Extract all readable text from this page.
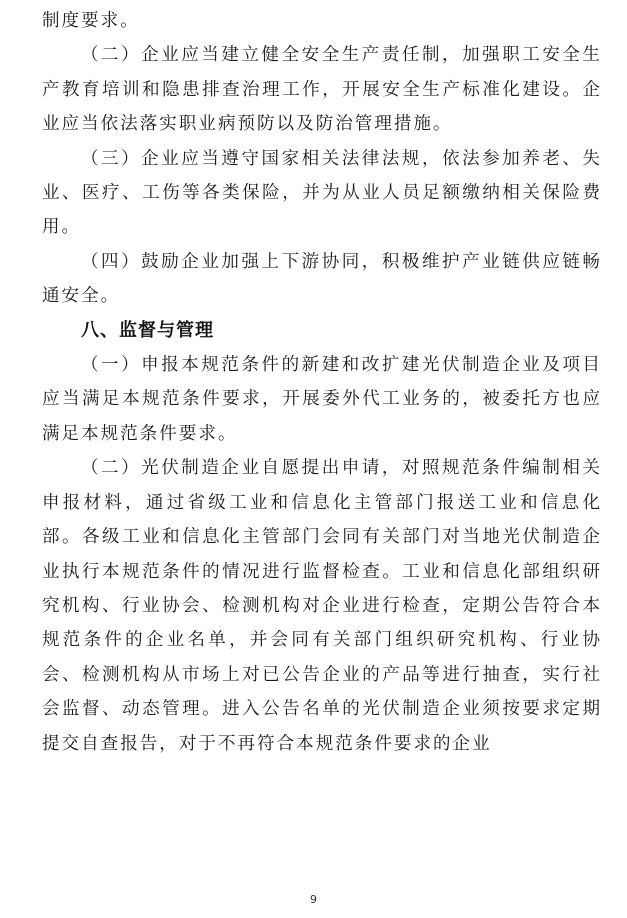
制度要求。

（二）企业应当建立健全安全生产责任制，加强职工安全生产教育培训和隐患排查治理工作，开展安全生产标准化建设。企业应当依法落实职业病预防以及防治管理措施。

（三）企业应当遵守国家相关法律法规，依法参加养老、失业、医疗、工伤等各类保险，并为从业人员足额缴纳相关保险费用。

（四）鼓励企业加强上下游协同，积极维护产业链供应链畅通安全。

八、监督与管理

（一）申报本规范条件的新建和改扩建光伏制造企业及项目应当满足本规范条件要求，开展委外代工业务的，被委托方也应满足本规范条件要求。

（二）光伏制造企业自愿提出申请，对照规范条件编制相关申报材料，通过省级工业和信息化主管部门报送工业和信息化部。各级工业和信息化主管部门会同有关部门对当地光伏制造企业执行本规范条件的情况进行监督检查。工业和信息化部组织研究机构、行业协会、检测机构对企业进行检查，定期公告符合本规范条件的企业名单，并会同有关部门组织研究机构、行业协会、检测机构从市场上对已公告企业的产品等进行抽查，实行社会监督、动态管理。进入公告名单的光伏制造企业须按要求定期提交自查报告，对于不再符合本规范条件要求的企业

9
